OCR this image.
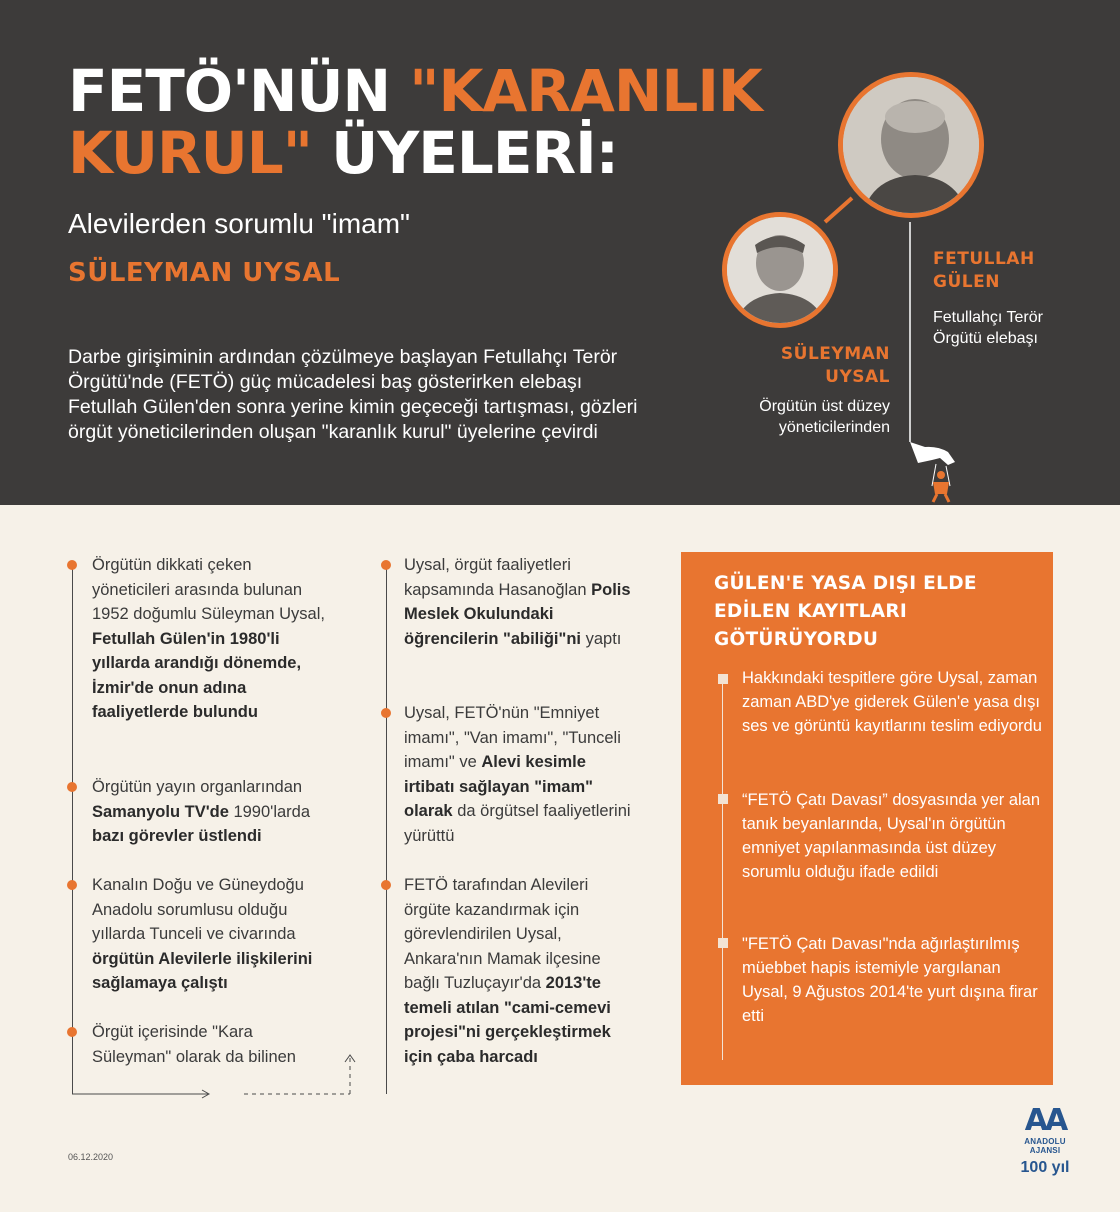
FETÖ'NÜN "KARANLIK
KURUL" ÜYELERİ:
Alevilerden sorumlu "imam"
SÜLEYMAN UYSAL

Darbe girişiminin ardından çözülmeye başlayan Fetullahçı Terör Örgütü'nde (FETÖ) güç mücadelesi baş gösterirken elebaşı Fetullah Gülen'den sonra yerine kimin geçeceği tartışması, gözleri örgüt yöneticilerinden oluşan "karanlık kurul" üyelerine çevirdi

FETULLAH
GÜLEN
Fetullahçı Terör
Örgütü elebaşı
SÜLEYMAN
UYSAL
Örgütün üst düzey
yöneticilerinden

Örgütün dikkati çeken yöneticileri arasında bulunan 1952 doğumlu Süleyman Uysal, Fetullah Gülen'in 1980'li yıllarda arandığı dönemde, İzmir'de onun adına faaliyetlerde bulundu

Örgütün yayın organlarından Samanyolu TV'de 1990'larda bazı görevler üstlendi

Kanalın Doğu ve Güneydoğu Anadolu sorumlusu olduğu yıllarda Tunceli ve civarında örgütün Alevilerle ilişkilerini sağlamaya çalıştı

Örgüt içerisinde "Kara Süleyman" olarak da bilinen

Uysal, örgüt faaliyetleri kapsamında Hasanoğlan Polis Meslek Okulundaki öğrencilerin "abiliği"ni yaptı

Uysal, FETÖ'nün "Emniyet imamı", "Van imamı", "Tunceli imamı" ve Alevi kesimle irtibatı sağlayan "imam" olarak da örgütsel faaliyetlerini yürüttü

FETÖ tarafından Alevileri örgüte kazandırmak için görevlendirilen Uysal, Ankara'nın Mamak ilçesine bağlı Tuzluçayır'da 2013'te temeli atılan "cami-cemevi projesi"ni gerçekleştirmek için çaba harcadı

GÜLEN'E YASA DIŞI ELDE EDİLEN KAYITLARI GÖTÜRÜYORDU
Hakkındaki tespitlere göre Uysal, zaman zaman ABD'ye giderek Gülen'e yasa dışı ses ve görüntü kayıtlarını teslim ediyordu
“FETÖ Çatı Davası” dosyasında yer alan tanık beyanlarında, Uysal'ın örgütün emniyet yapılanmasında üst düzey sorumlu olduğu ifade edildi
"FETÖ Çatı Davası"nda ağırlaştırılmış müebbet hapis istemiyle yargılanan Uysal, 9 Ağustos 2014'te yurt dışına firar etti
06.12.2020
AA
ANADOLU AJANSI
100 yıl
